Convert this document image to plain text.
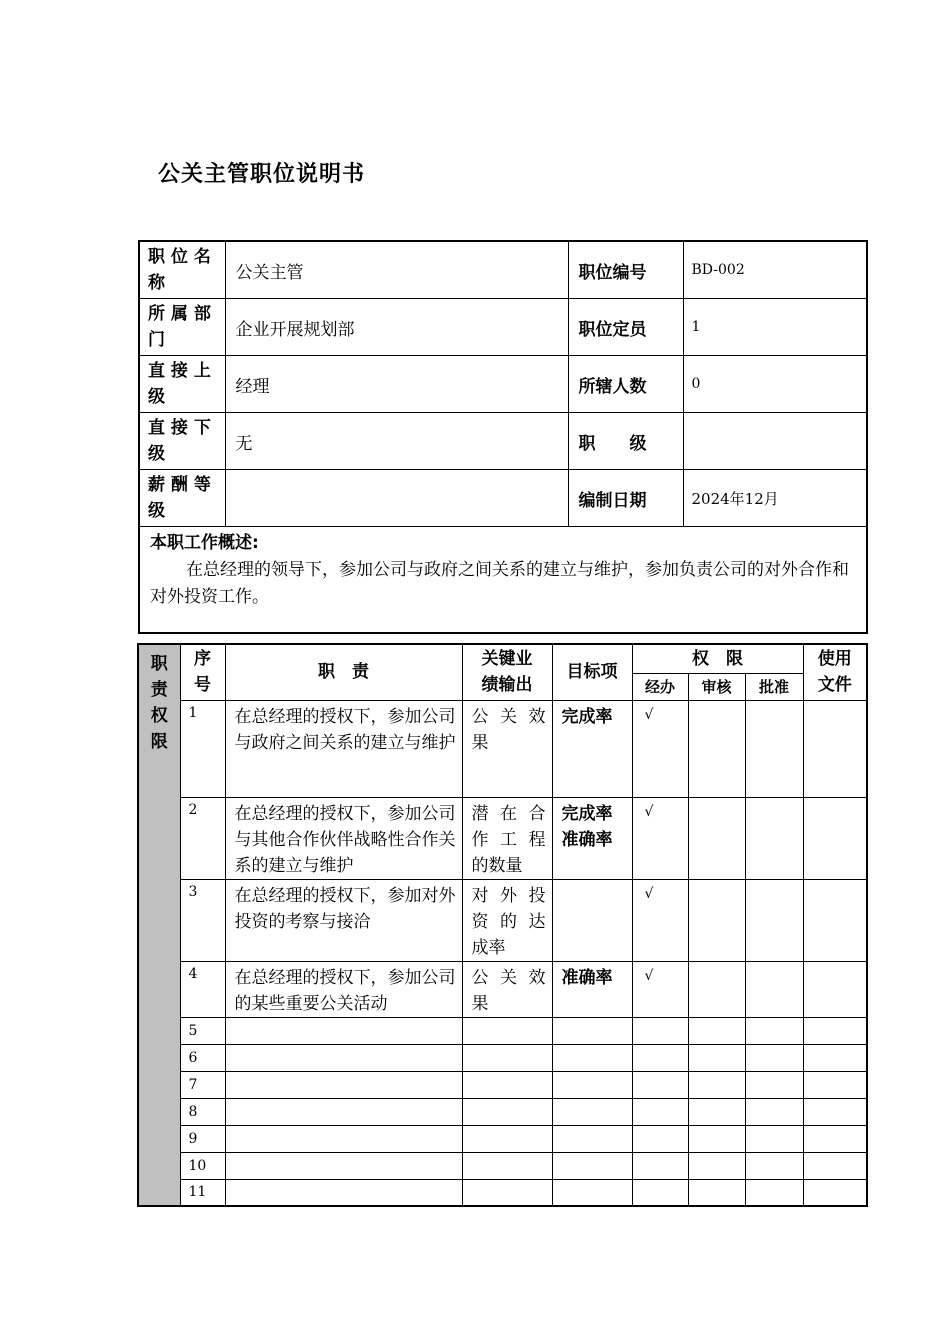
公关主管职位说明书
职 位 名 称	公关主管	职位编号	BD-002
所 属 部 门	企业开展规划部	职位定员	1
直 接 上 级	经理	所辖人数	0
直 接 下 级	无	职　　级	
薪 酬 等 级		编制日期	2024年12月

本职工作概述:
在总经理的领导下，参加公司与政府之间关系的建立与维护，参加负责公司的对外合作和对外投资工作。			
职责权限	序号	职　责	关键业绩输出	目标项	权　限			使用文件

					经办	审核	批准	
	1	在总经理的授权下，参加公司与政府之间关系的建立与维护	公 关 效
果	完成率	√			
	2	在总经理的授权下，参加公司与其他合作伙伴战略性合作关系的建立与维护	潜 在 合
作 工 程
的数量	完成率
准确率	√			
	3	在总经理的授权下，参加对外投资的考察与接洽	对 外 投
资 的 达
成率		√			
	4	在总经理的授权下，参加公司的某些重要公关活动	公 关 效
果	准确率	√			
	5							
	6							
	7							
	8							
	9							
	10							
	11							
